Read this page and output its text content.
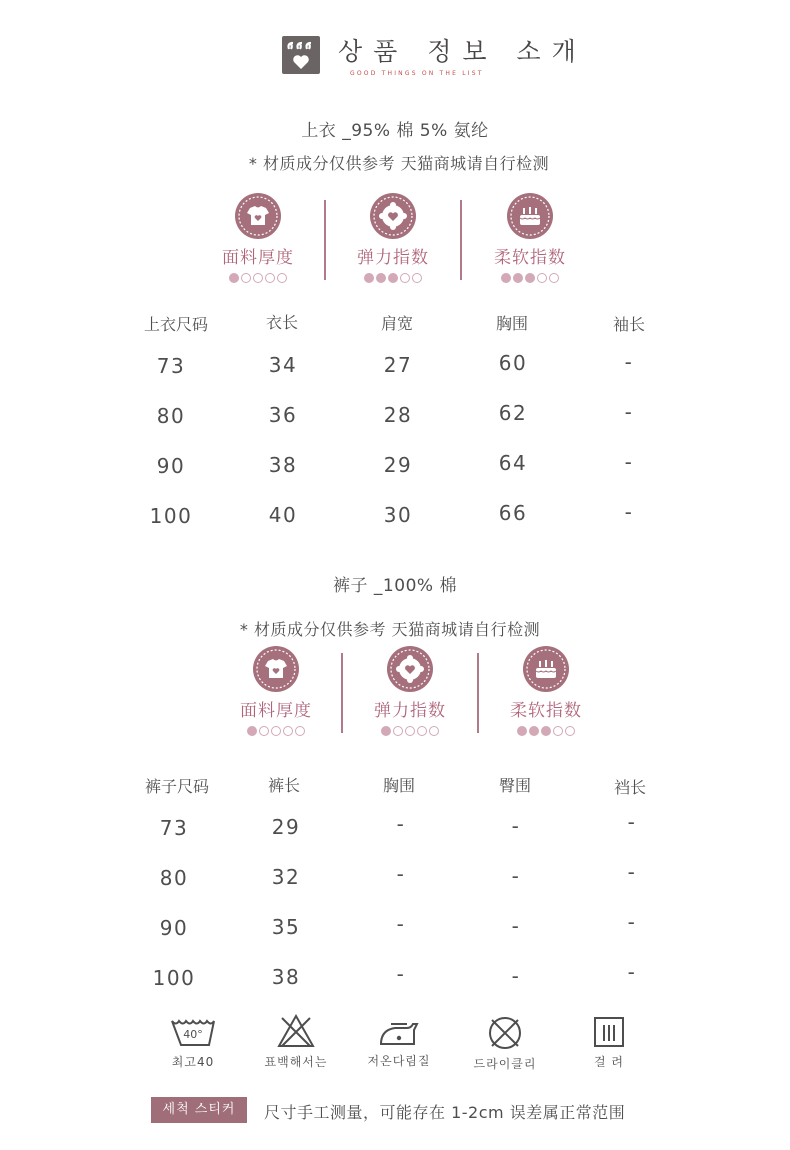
상품 정보 소개
GOOD THINGS ON THE LIST
上衣 _95% 棉 5% 氨纶
* 材质成分仅供参考 天猫商城请自行检测
面料厚度	弹力指数	柔软指数
上衣尺码	衣长	肩宽	胸围	袖长
73	34	27	60	-
80	36	28	62	-
90	38	29	64	-
100	40	30	66	-
裤子 _100% 棉
* 材质成分仅供参考 天猫商城请自行检测
面料厚度	弹力指数	柔软指数
裤子尺码	裤长	胸围	臀围	裆长
73	29	-	-	-
80	32	-	-	-
90	35	-	-	-
100	38	-	-	-
40°
최고40	표백해서는	저온다림질	드라이클리	걸 려
세척 스티커	尺寸手工测量，可能存在 1-2cm 误差属正常范围
